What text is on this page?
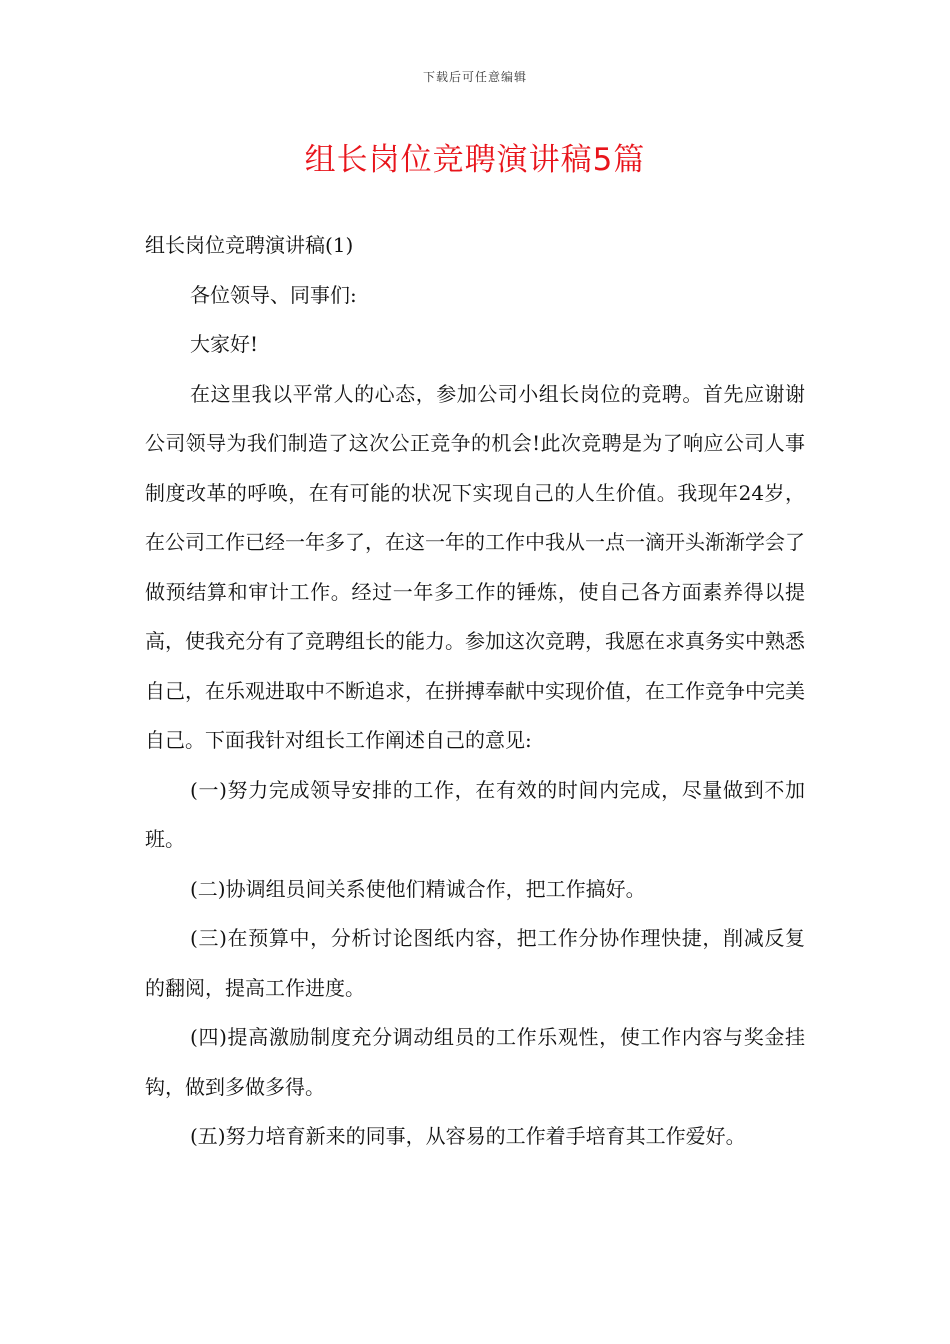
下载后可任意编辑
组长岗位竞聘演讲稿5篇

组长岗位竞聘演讲稿(1)

各位领导、同事们:

大家好!

在这里我以平常人的心态，参加公司小组长岗位的竞聘。首先应谢谢公司领导为我们制造了这次公正竞争的机会!此次竞聘是为了响应公司人事制度改革的呼唤，在有可能的状况下实现自己的人生价值。我现年24岁，在公司工作已经一年多了，在这一年的工作中我从一点一滴开头渐渐学会了做预结算和审计工作。经过一年多工作的锤炼，使自己各方面素养得以提高，使我充分有了竞聘组长的能力。参加这次竞聘，我愿在求真务实中熟悉自己，在乐观进取中不断追求，在拼搏奉献中实现价值，在工作竞争中完美自己。下面我针对组长工作阐述自己的意见:

(一)努力完成领导安排的工作，在有效的时间内完成，尽量做到不加班。

(二)协调组员间关系使他们精诚合作，把工作搞好。

(三)在预算中，分析讨论图纸内容，把工作分协作理快捷，削减反复的翻阅，提高工作进度。

(四)提高激励制度充分调动组员的工作乐观性，使工作内容与奖金挂钩，做到多做多得。

(五)努力培育新来的同事，从容易的工作着手培育其工作爱好。
